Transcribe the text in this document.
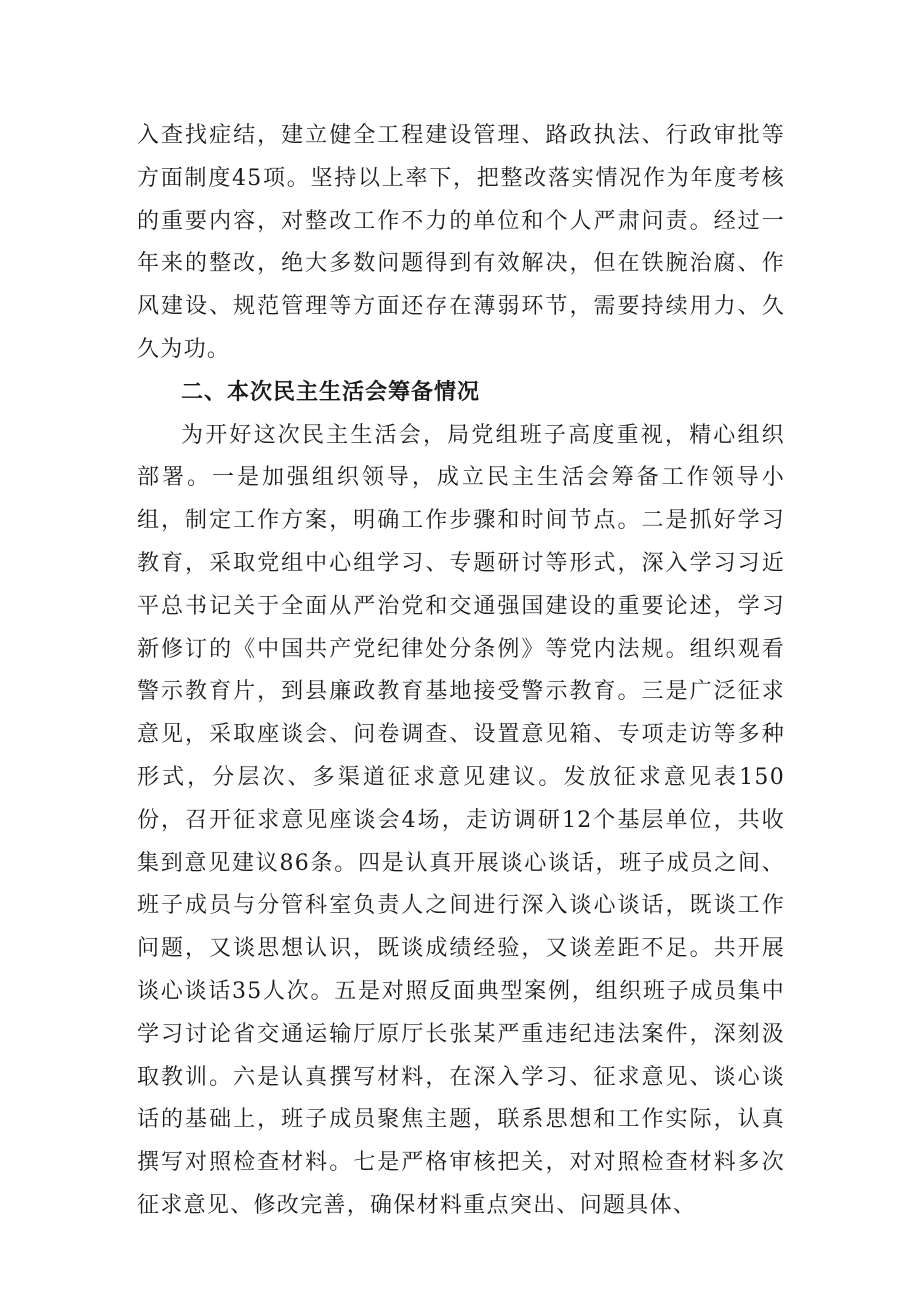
入查找症结，建立健全工程建设管理、路政执法、行政审批等方面制度45项。坚持以上率下，把整改落实情况作为年度考核的重要内容，对整改工作不力的单位和个人严肃问责。经过一年来的整改，绝大多数问题得到有效解决，但在铁腕治腐、作风建设、规范管理等方面还存在薄弱环节，需要持续用力、久久为功。

二、本次民主生活会筹备情况

为开好这次民主生活会，局党组班子高度重视，精心组织部署。一是加强组织领导，成立民主生活会筹备工作领导小组，制定工作方案，明确工作步骤和时间节点。二是抓好学习教育，采取党组中心组学习、专题研讨等形式，深入学习习近平总书记关于全面从严治党和交通强国建设的重要论述，学习新修订的《中国共产党纪律处分条例》等党内法规。组织观看警示教育片，到县廉政教育基地接受警示教育。三是广泛征求意见，采取座谈会、问卷调查、设置意见箱、专项走访等多种形式，分层次、多渠道征求意见建议。发放征求意见表150份，召开征求意见座谈会4场，走访调研12个基层单位，共收集到意见建议86条。四是认真开展谈心谈话，班子成员之间、班子成员与分管科室负责人之间进行深入谈心谈话，既谈工作问题，又谈思想认识，既谈成绩经验，又谈差距不足。共开展谈心谈话35人次。五是对照反面典型案例，组织班子成员集中学习讨论省交通运输厅原厅长张某严重违纪违法案件，深刻汲取教训。六是认真撰写材料，在深入学习、征求意见、谈心谈话的基础上，班子成员聚焦主题，联系思想和工作实际，认真撰写对照检查材料。七是严格审核把关，对对照检查材料多次征求意见、修改完善，确保材料重点突出、问题具体、
